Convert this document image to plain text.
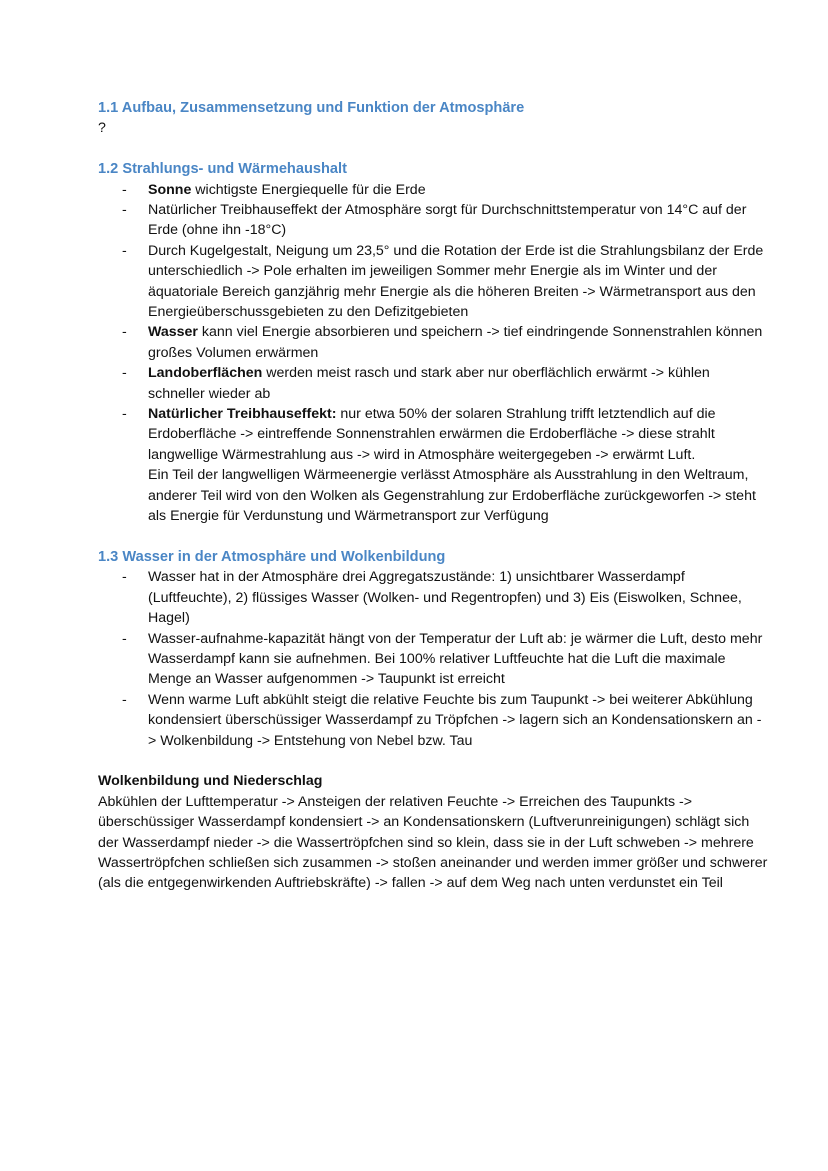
1.1 Aufbau, Zusammensetzung und Funktion der Atmosphäre

?

1.2 Strahlungs- und Wärmehaushalt
- Sonne wichtigste Energiequelle für die Erde
- Natürlicher Treibhauseffekt der Atmosphäre sorgt für Durchschnittstemperatur von 14°C auf der Erde (ohne ihn -18°C)
- Durch Kugelgestalt, Neigung um 23,5° und die Rotation der Erde ist die Strahlungsbilanz der Erde unterschiedlich -> Pole erhalten im jeweiligen Sommer mehr Energie als im Winter und der äquatoriale Bereich ganzjährig mehr Energie als die höheren Breiten -> Wärmetransport aus den Energieüberschussgebieten zu den Defizitgebieten
- Wasser kann viel Energie absorbieren und speichern -> tief eindringende Sonnenstrahlen können großes Volumen erwärmen
- Landoberflächen werden meist rasch und stark aber nur oberflächlich erwärmt -> kühlen schneller wieder ab
- Natürlicher Treibhauseffekt: nur etwa 50% der solaren Strahlung trifft letztendlich auf die Erdoberfläche -> eintreffende Sonnenstrahlen erwärmen die Erdoberfläche -> diese strahlt langwellige Wärmestrahlung aus -> wird in Atmosphäre weitergegeben -> erwärmt Luft.
Ein Teil der langwelligen Wärmeenergie verlässt Atmosphäre als Ausstrahlung in den Weltraum,
anderer Teil wird von den Wolken als Gegenstrahlung zur Erdoberfläche zurückgeworfen -> steht als Energie für Verdunstung und Wärmetransport zur Verfügung
1.3 Wasser in der Atmosphäre und Wolkenbildung
- Wasser hat in der Atmosphäre drei Aggregatszustände: 1) unsichtbarer Wasserdampf (Luftfeuchte), 2) flüssiges Wasser (Wolken- und Regentropfen) und 3) Eis (Eiswolken, Schnee, Hagel)
- Wasser-aufnahme-kapazität hängt von der Temperatur der Luft ab: je wärmer die Luft, desto mehr Wasserdampf kann sie aufnehmen. Bei 100% relativer Luftfeuchte hat die Luft die maximale Menge an Wasser aufgenommen -> Taupunkt ist erreicht
- Wenn warme Luft abkühlt steigt die relative Feuchte bis zum Taupunkt -> bei weiterer Abkühlung kondensiert überschüssiger Wasserdampf zu Tröpfchen -> lagern sich an Kondensationskern an -> Wolkenbildung -> Entstehung von Nebel bzw. Tau

Wolkenbildung und Niederschlag

Abkühlen der Lufttemperatur -> Ansteigen der relativen Feuchte -> Erreichen des Taupunkts -> überschüssiger Wasserdampf kondensiert -> an Kondensationskern (Luftverunreinigungen) schlägt sich der Wasserdampf nieder -> die Wassertröpfchen sind so klein, dass sie in der Luft schweben -> mehrere Wassertröpfchen schließen sich zusammen -> stoßen aneinander und werden immer größer und schwerer (als die entgegenwirkenden Auftriebskräfte) -> fallen -> auf dem Weg nach unten verdunstet ein Teil
